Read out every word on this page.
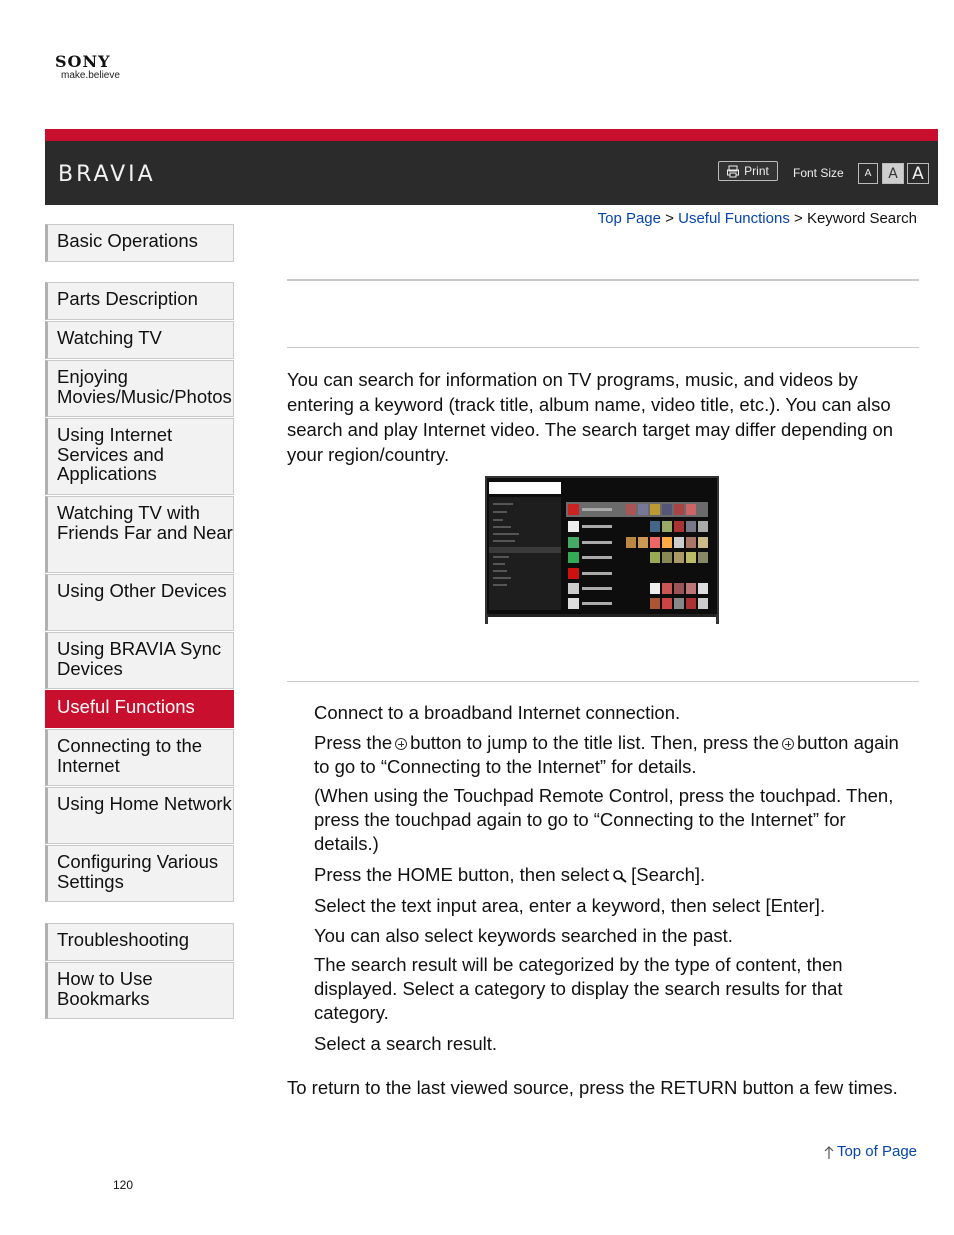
SONY
make.believe
BRAVIA	Print Font Size	A	A A
Top Page > Useful Functions > Keyword Search
Basic Operations
Parts Description
Watching TV
Enjoying Movies/Music/Photos
Using Internet Services and Applications
Watching TV with Friends Far and Near
Using Other Devices
Using BRAVIA Sync Devices
Useful Functions
Connecting to the Internet
Using Home Network
Configuring Various Settings
Troubleshooting
How to Use Bookmarks
You can search for information on TV programs, music, and videos by entering a keyword (track title, album name, video title, etc.). You can also search and play Internet video. The search target may differ depending on your region/country.
Connect to a broadband Internet connection.
Press the button to jump to the title list. Then, press the button again to go to “Connecting to the Internet” for details.
(When using the Touchpad Remote Control, press the touchpad. Then, press the touchpad again to go to “Connecting to the Internet” for details.)
Press the HOME button, then select [Search].
Select the text input area, enter a keyword, then select [Enter].
You can also select keywords searched in the past.
The search result will be categorized by the type of content, then displayed. Select a category to display the search results for that category.
Select a search result.
To return to the last viewed source, press the RETURN button a few times.
Top of Page
120
